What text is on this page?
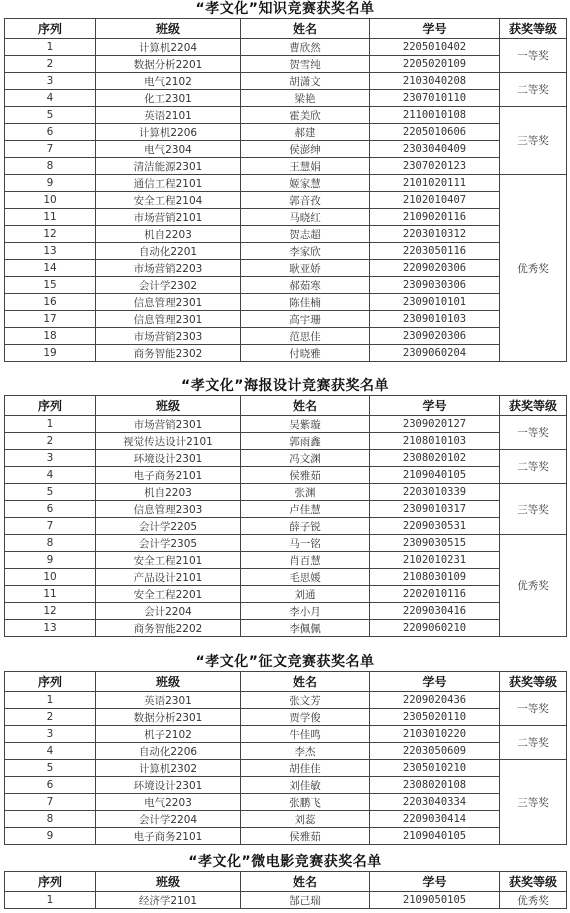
“孝文化”知识竞赛获奖名单
序列	班级	姓名	学号	获奖等级
1	计算机2204	曹欣然	2205010402	一等奖
2	数据分析2201	贺雪纯	2205020109	
3	电气2102	胡潇文	2103040208	二等奖
4	化工2301	梁艳	2307010110	
5	英语2101	霍美欣	2110010108	三等奖
6	计算机2206	郝建	2205010606	
7	电气2304	侯澎绅	2303040409	
8	清洁能源2301	王慧娟	2307020123	
9	通信工程2101	姬家慧	2101020111	优秀奖
10	安全工程2104	郭音孜	2102010407	
11	市场营销2101	马晓红	2109020116	
12	机自2203	贺志超	2203010312	
13	自动化2201	李家欣	2203050116	
14	市场营销2203	耿亚娇	2209020306	
15	会计学2302	郝茹寒	2309030306	
16	信息管理2301	陈佳楠	2309010101	
17	信息管理2301	高宇珊	2309010103	
18	市场营销2303	范思佳	2309020306	
19	商务智能2302	付晓雅	2309060204	
“孝文化”海报设计竞赛获奖名单
序列	班级	姓名	学号	获奖等级
1	市场营销2301	吴紫璇	2309020127	一等奖
2	视觉传达设计2101	郭雨鑫	2108010103	
3	环境设计2301	冯文渊	2308020102	二等奖
4	电子商务2101	侯雅茹	2109040105	
5	机自2203	张渊	2203010339	三等奖
6	信息管理2303	卢佳慧	2309010317	
7	会计学2205	薛子锐	2209030531	
8	会计学2305	马一铭	2309030515	优秀奖
9	安全工程2101	肖百慧	2102010231	
10	产品设计2101	毛思媛	2108030109	
11	安全工程2201	刘通	2202010116	
12	会计2204	李小月	2209030416	
13	商务智能2202	李佩佩	2209060210	
“孝文化”征文竞赛获奖名单
序列	班级	姓名	学号	获奖等级
1	英语2301	张文芳	2209020436	一等奖
2	数据分析2301	贾学俊	2305020110	
3	机子2102	牛佳鸣	2103010220	二等奖
4	自动化2206	李杰	2203050609	
5	计算机2302	胡佳佳	2305010210	三等奖
6	环境设计2301	刘佳敏	2308020108	
7	电气2203	张鹏飞	2203040334	
8	会计学2204	刘蕊	2209030414	
9	电子商务2101	侯雅茹	2109040105	
“孝文化”微电影竞赛获奖名单
序列	班级	姓名	学号	获奖等级
1	经济学2101	郜己瑞	2109050105	优秀奖
